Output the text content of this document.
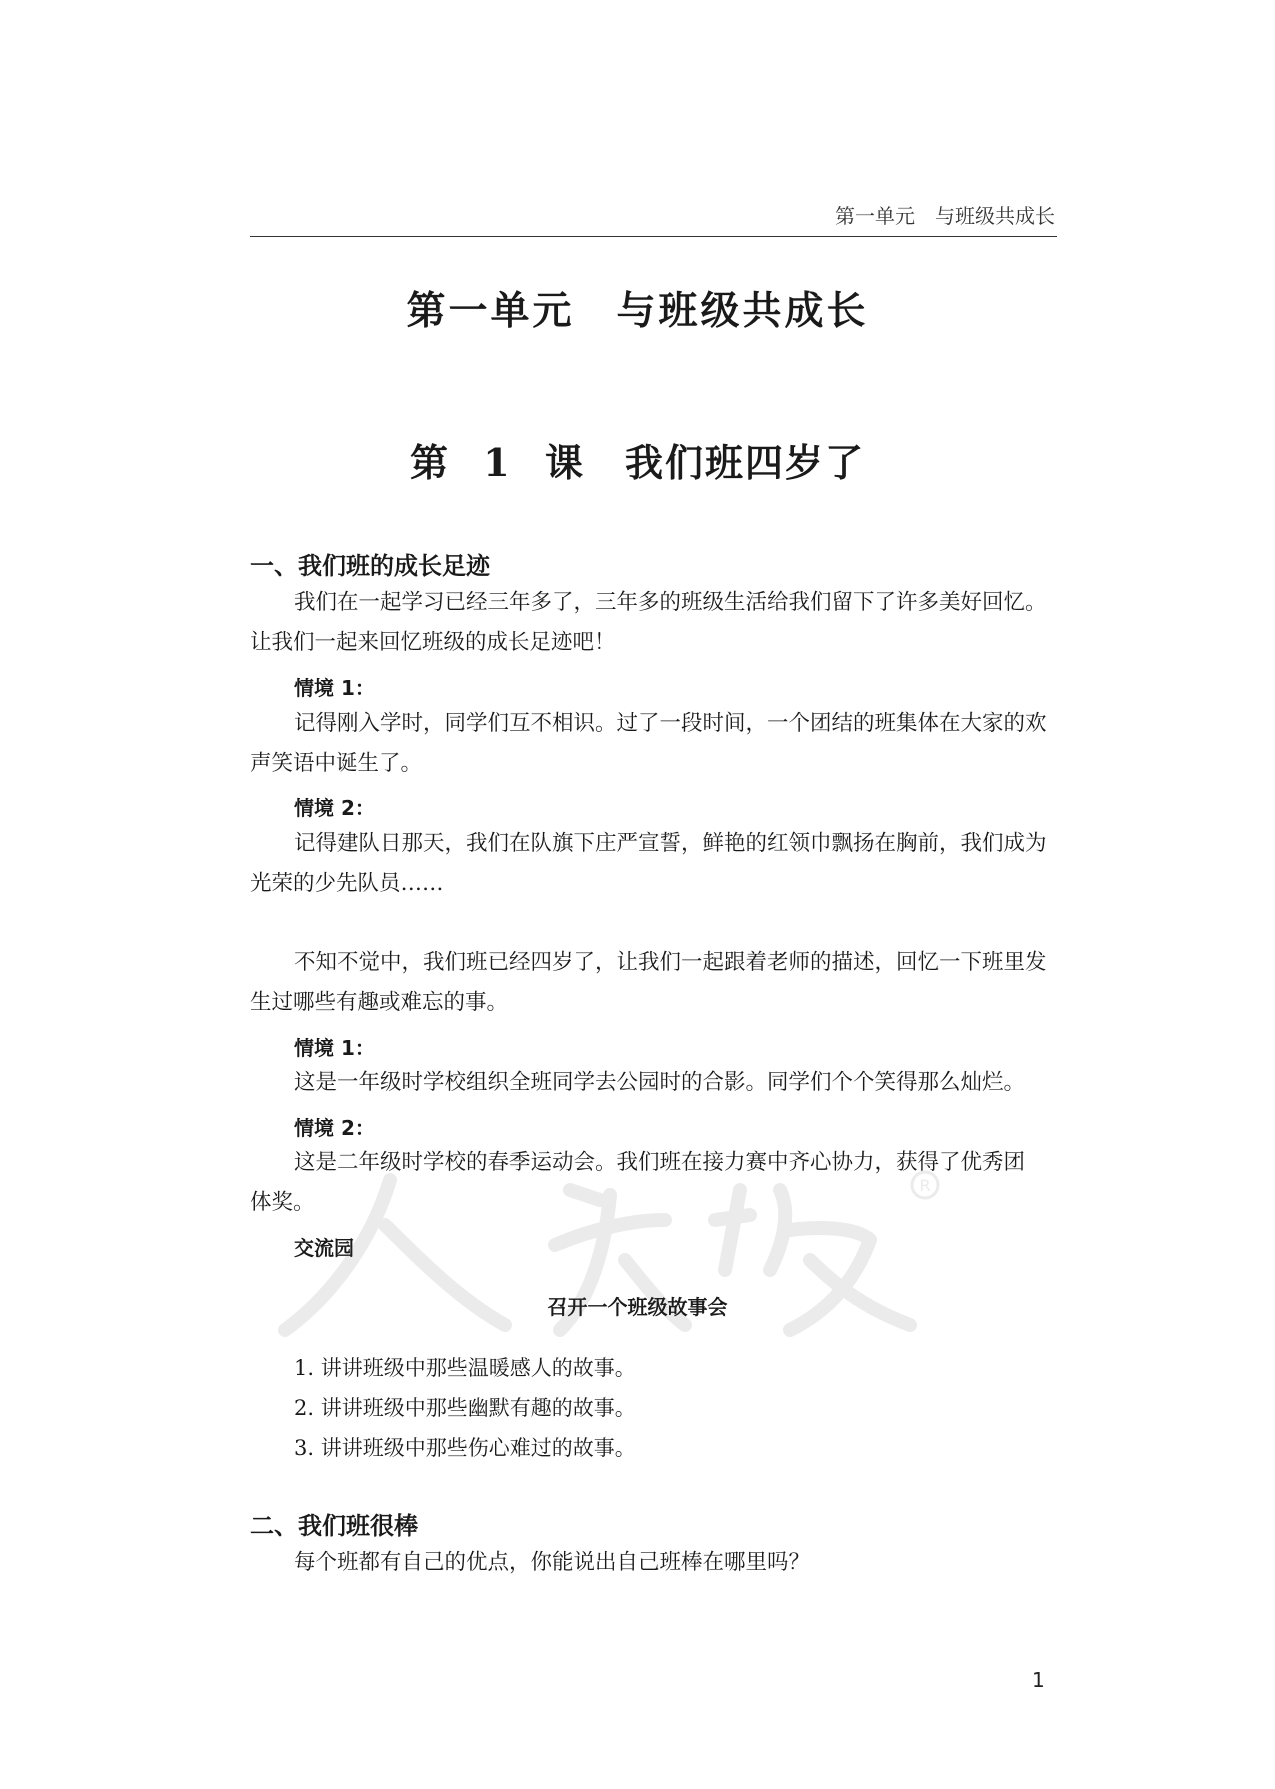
第一单元　与班级共成长
第一单元　与班级共成长
第 1 课　我们班四岁了
一、我们班的成长足迹
我们在一起学习已经三年多了，三年多的班级生活给我们留下了许多美好回忆。
让我们一起来回忆班级的成长足迹吧！
情境 1：
记得刚入学时，同学们互不相识。过了一段时间，一个团结的班集体在大家的欢
声笑语中诞生了。
情境 2：
记得建队日那天，我们在队旗下庄严宣誓，鲜艳的红领巾飘扬在胸前，我们成为
光荣的少先队员……
不知不觉中，我们班已经四岁了，让我们一起跟着老师的描述，回忆一下班里发
生过哪些有趣或难忘的事。
情境 1：
这是一年级时学校组织全班同学去公园时的合影。同学们个个笑得那么灿烂。
情境 2：
这是二年级时学校的春季运动会。我们班在接力赛中齐心协力，获得了优秀团
体奖。
交流园
召开一个班级故事会
1. 讲讲班级中那些温暖感人的故事。
2. 讲讲班级中那些幽默有趣的故事。
3. 讲讲班级中那些伤心难过的故事。
二、我们班很棒
每个班都有自己的优点，你能说出自己班棒在哪里吗？
1
R
